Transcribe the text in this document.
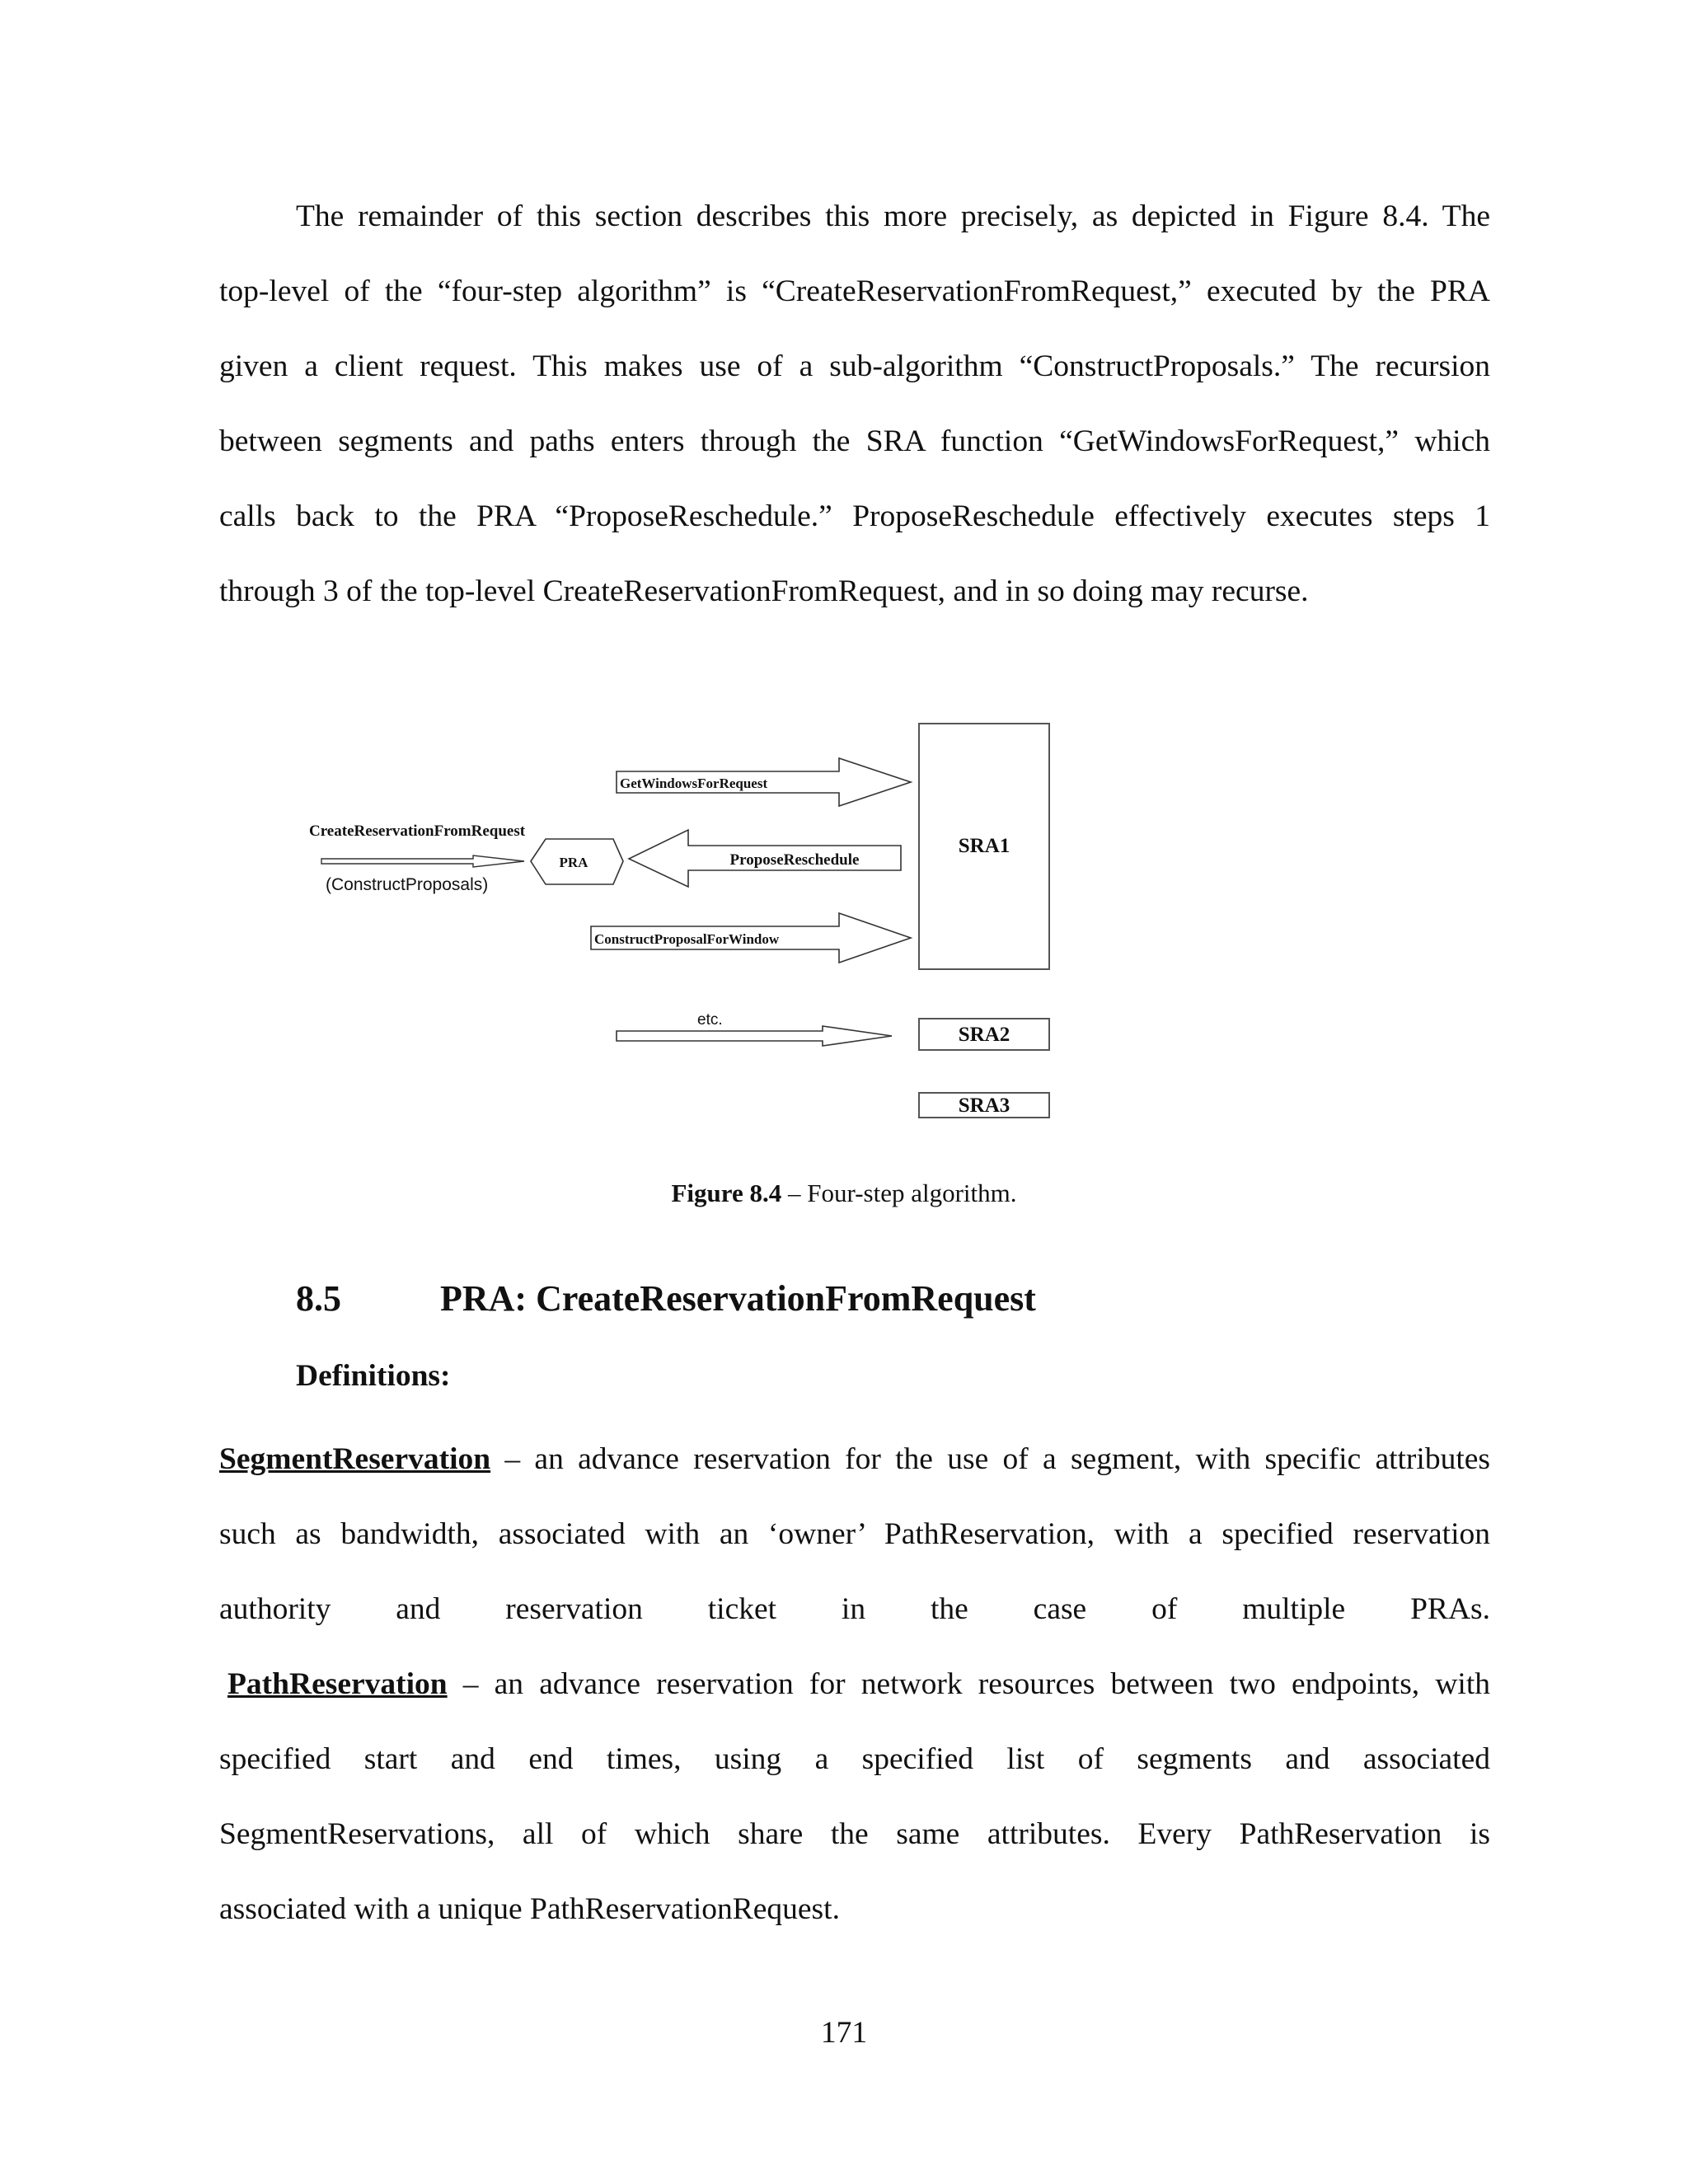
The remainder of this section describes this more precisely, as depicted in Figure 8.4. The

top-level of the “four-step algorithm” is “CreateReservationFromRequest,” executed by the PRA

given a client request. This makes use of a sub-algorithm “ConstructProposals.” The recursion

between segments and paths enters through the SRA function “GetWindowsForRequest,” which

calls back to the PRA “ProposeReschedule.” ProposeReschedule effectively executes steps 1

through 3 of the top-level CreateReservationFromRequest, and in so doing may recurse.

SRA1
SRA2
SRA3
GetWindowsForRequest
ProposeReschedule
ConstructProposalForWindow
etc.
CreateReservationFromRequest
(ConstructProposals)
PRA
Figure 8.4 – Four-step algorithm.
8.5	PRA: CreateReservationFromRequest
Definitions:

SegmentReservation – an advance reservation for the use of a segment, with specific attributes

such as bandwidth, associated with an ‘owner’ PathReservation, with a specified reservation

authority and reservation ticket in the case of multiple PRAs.

PathReservation – an advance reservation for network resources between two endpoints, with

specified start and end times, using a specified list of segments and associated

SegmentReservations, all of which share the same attributes. Every PathReservation is

associated with a unique PathReservationRequest.

171
